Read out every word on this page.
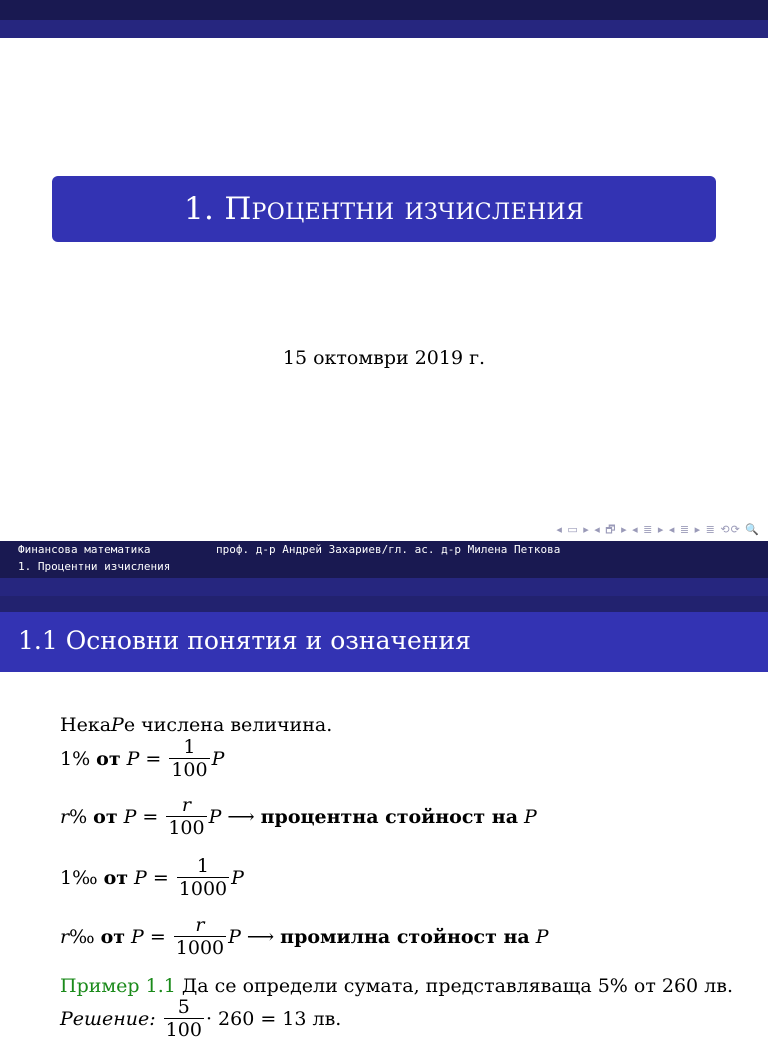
1. Процентни изчисления
15 октомври 2019 г.
◂ ▭ ▸ ◂ 🗗 ▸ ◂ ≣ ▸ ◂ ≣ ▸ ≣ ⟲⟳ 🔍
Финансова математика	проф. д-р Андрей Захариев/гл. ас. д-р Милена Петкова
1. Процентни изчисления
1.1 Основни понятия и означения
Нека P е числена величина.
1% от $P = \frac{1}{100}$ P
r % от $P = \frac{r}{100}$ P ⟶ процентна стойност на P
1‰ от $P = \frac{1}{1000}$ P
r ‰ от $P = \frac{r}{1000}$ P ⟶ промилна стойност на P
Пример 1.1 Да се определи сумата, представляваща 5% от 260 лв.
Решение: $\frac{5}{100} \cdot 260 = 13$ лв.
